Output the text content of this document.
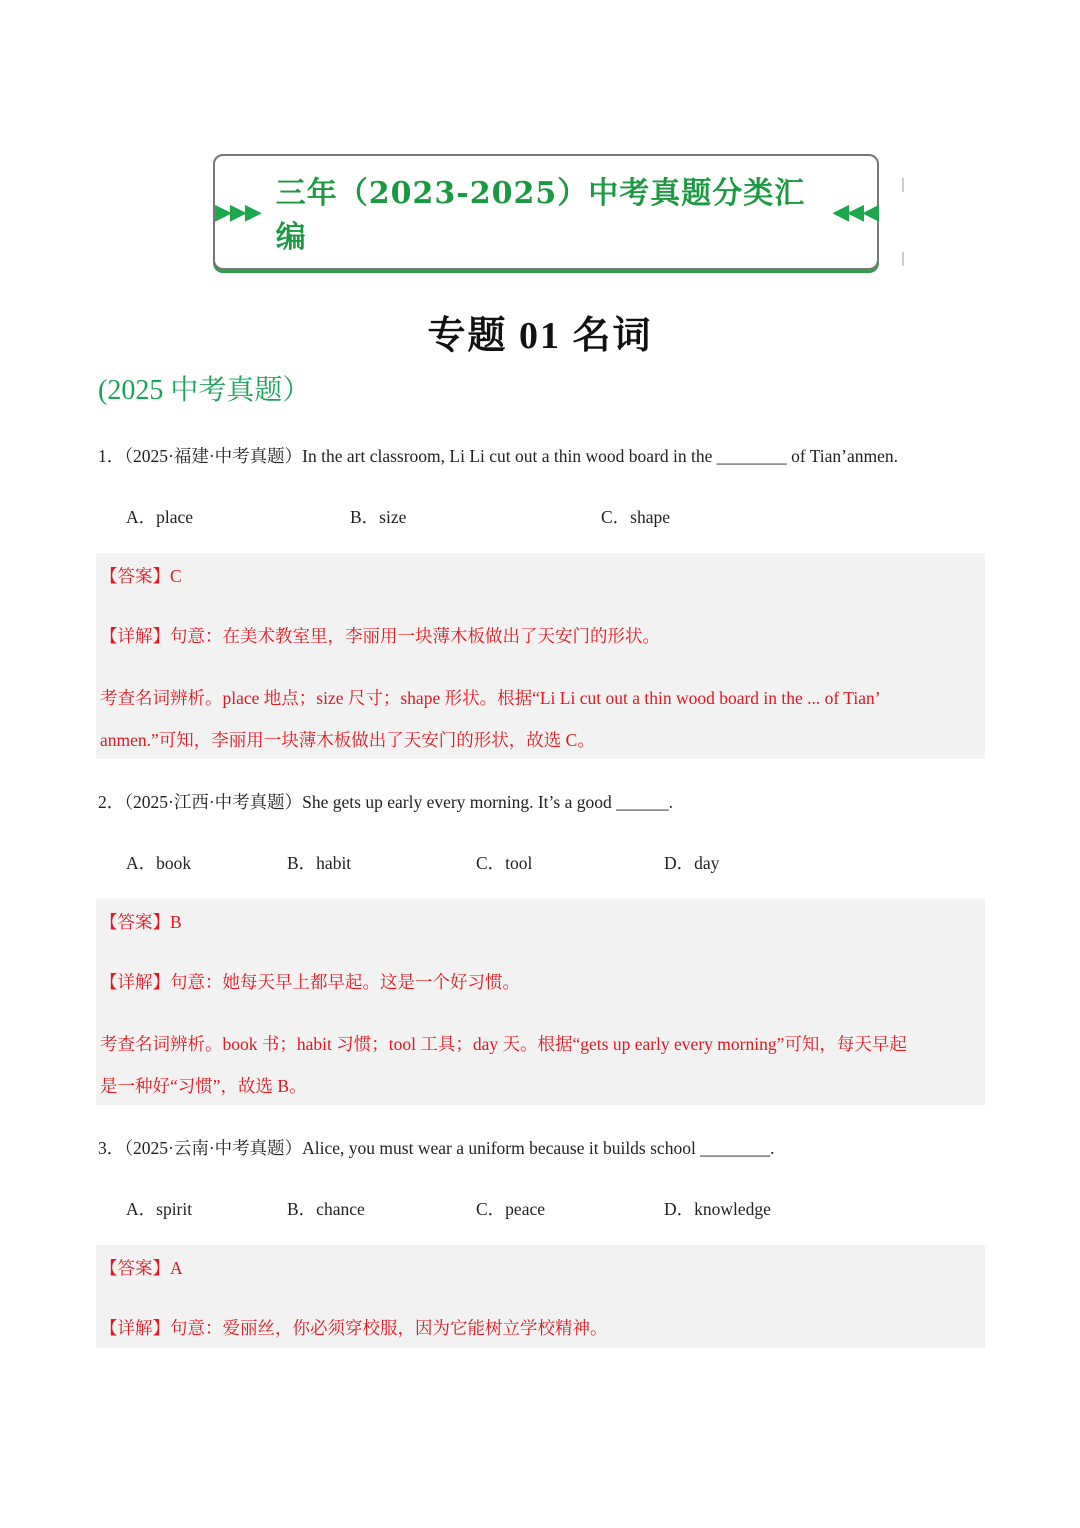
▶▶▶
三年（2023-2025）中考真题分类汇编
◀◀◀
专题 01 名词
(2025 中考真题）
1．（2025·福建·中考真题）In the art classroom, Li Li cut out a thin wood board in the ________ of Tian’anmen.
A．place	B．size	C．shape
【答案】C
【详解】句意：在美术教室里，李丽用一块薄木板做出了天安门的形状。
考查名词辨析。place 地点；size 尺寸；shape 形状。根据“Li Li cut out a thin wood board in the ... of Tian’
anmen.”可知，李丽用一块薄木板做出了天安门的形状，故选 C。
2．（2025·江西·中考真题）She gets up early every morning. It’s a good ______.
A．book	B．habit	C．tool	D．day
【答案】B
【详解】句意：她每天早上都早起。这是一个好习惯。
考查名词辨析。book 书；habit 习惯；tool 工具；day 天。根据“gets up early every morning”可知，每天早起
是一种好“习惯”，故选 B。
3．（2025·云南·中考真题）Alice, you must wear a uniform because it builds school ________.
A．spirit	B．chance	C．peace	D．knowledge
【答案】A
【详解】句意：爱丽丝，你必须穿校服，因为它能树立学校精神。
